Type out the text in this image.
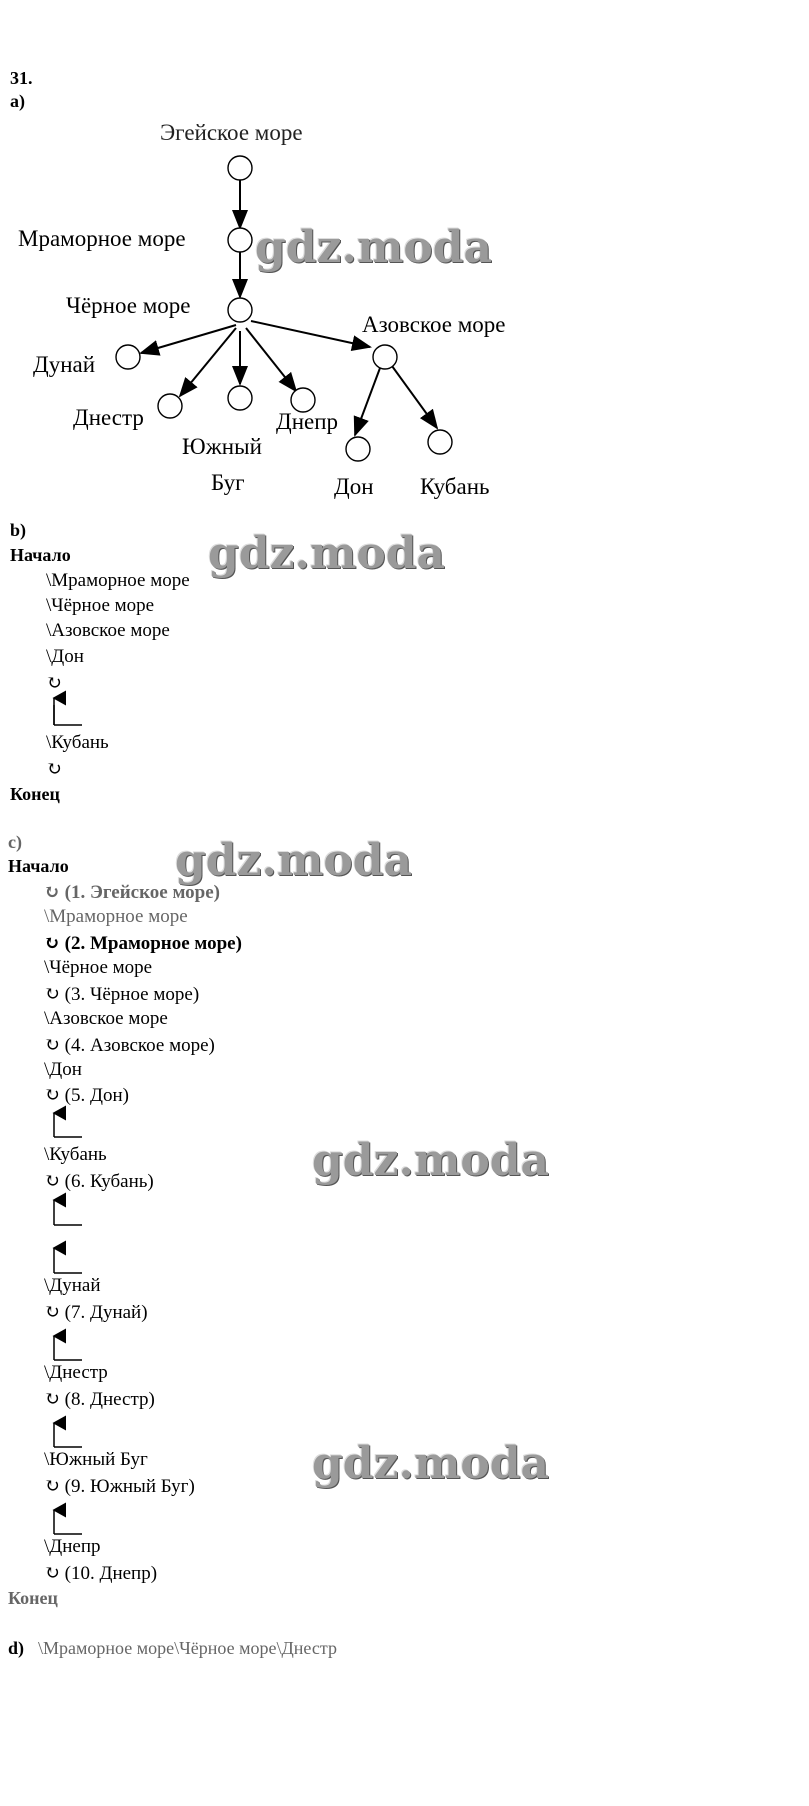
31.
a)
Эгейское море
Мраморное море
Чёрное море
Азовское море
Дунай
Днестр
Южный
Буг
Днепр
Дон Кубань
gdz.moda
gdz.moda
gdz.moda
gdz.moda
gdz.moda
b)
Начало
\Мраморное море
\Чёрное море
\Азовское море
\Дон
↻
\Кубань
↻
Конец
c)
Начало
↻ (1. Эгейское море)
\Мраморное море
↻ (2. Мраморное море)
\Чёрное море
↻ (3. Чёрное море)
\Азовское море
↻ (4. Азовское море)
\Дон
↻ (5. Дон)
\Кубань
↻ (6. Кубань)
\Дунай
↻ (7. Дунай)
\Днестр
↻ (8. Днестр)
\Южный Буг
↻ (9. Южный Буг)
\Днепр
↻ (10. Днепр)
Конец
d) \Мраморное море\Чёрное море\Днестр
